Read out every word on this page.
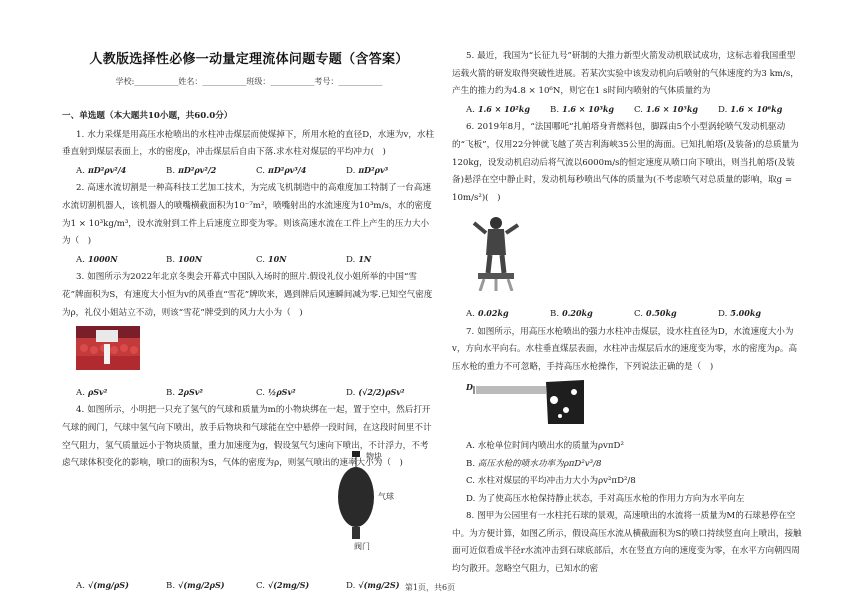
人教版选择性必修一动量定理流体问题专题（含答案）
学校:___________姓名：___________班级：___________考号：___________
一、单选题（本大题共10小题，共60.0分）
1. 水力采煤是用高压水枪喷出的水柱冲击煤层而使煤掉下，所用水枪的直径D，水速为v，水柱垂直射到煤层表面上，水的密度ρ，冲击煤层后自由下落.求水柱对煤层的平均冲力(　)
A. πD²ρv²/4	B. πD²ρv²/2	C. πD²ρv³/4	D. πD²ρv³
2. 高速水流切割是一种高科技工艺加工技术，为完成飞机制造中的高难度加工特制了一台高速水流切割机器人，该机器人的喷嘴横截面积为10⁻⁷m²，喷嘴射出的水流速度为10³m/s，水的密度为1 × 10³kg/m³，设水流射到工件上后速度立即变为零。则该高速水流在工件上产生的压力大小为（　)
A. 1000N	B. 100N	C. 10N	D. 1N
3. 如图所示为2022年北京冬奥会开幕式中国队入场时的照片.假设礼仪小姐所举的中国“雪花”牌面积为S，有速度大小恒为v的风垂直“雪花”牌吹来，遇到牌后风速瞬间减为零.已知空气密度为ρ，礼仪小姐站立不动，则该“雪花”牌受到的风力大小为（　)
A. ρSv²	B. 2ρSv²	C. ½ρSv²	D. (√2/2)ρSv²
4. 如图所示，小明把一只充了氢气的气球和质量为m的小物块绑在一起，置于空中，然后打开气球的阀门，气球中氢气向下喷出，放手后物块和气球能在空中悬停一段时间，在这段时间里不计空气阻力，氢气质量远小于物块质量，重力加速度为g，假设氢气匀速向下喷出，不计浮力，不考虑气球体积变化的影响，喷口的面积为S，气体的密度为ρ，则氢气喷出的速率大小为（　)
物块
气球
阀门
A. √(mg/ρS)	B. √(mg/2ρS)	C. √(2mg/S)	D. √(mg/2S)
5. 最近，我国为“长征九号”研制的大推力新型火箭发动机联试成功，这标志着我国重型运载火箭的研发取得突破性进展。若某次实验中该发动机向后喷射的气体速度约为3 km/s，产生的推力约为4.8 × 10⁶N，则它在1 s时间内喷射的气体质量约为
A. 1.6 × 10²kg	B. 1.6 × 10³kg	C. 1.6 × 10⁵kg	D. 1.6 × 10⁶kg
6. 2019年8月，“法国哪吒”扎帕塔身背燃料包，脚踩由5个小型涡轮喷气发动机驱动的“飞板”，仅用22分钟就飞越了英吉利海峡35公里的海面。已知扎帕塔(及装备)的总质量为120kg，设发动机启动后将气流以6000m/s的恒定速度从喷口向下喷出，则当扎帕塔(及装备)悬浮在空中静止时，发动机每秒喷出气体的质量为(不考虑喷气对总质量的影响，取g = 10m/s²)(　)
A. 0.02kg	B. 0.20kg	C. 0.50kg	D. 5.00kg
7. 如图所示，用高压水枪喷出的强力水柱冲击煤层，设水柱直径为D，水流速度大小为v，方向水平向右。水柱垂直煤层表面，水柱冲击煤层后水的速度变为零，水的密度为ρ。高压水枪的重力不可忽略，手持高压水枪操作，下列说法正确的是（　)
D
A. 水枪单位时间内喷出水的质量为ρvπD²
B. 高压水枪的喷水功率为ρπD²v³/8
C. 水柱对煤层的平均冲击力大小为ρv²πD²/8
D. 为了使高压水枪保持静止状态，手对高压水枪的作用力方向为水平向左
8. 图甲为公园里有一水柱托石球的景观，高速喷出的水流将一质量为M的石球悬停在空中。为方便计算，如图乙所示，假设高压水流从横截面积为S的喷口持续竖直向上喷出，接触面可近似看成半径r水流冲击到石球底部后，水在竖直方向的速度变为零，在水平方向朝四周均匀散开。忽略空气阻力，已知水的密
第1页，共6页
